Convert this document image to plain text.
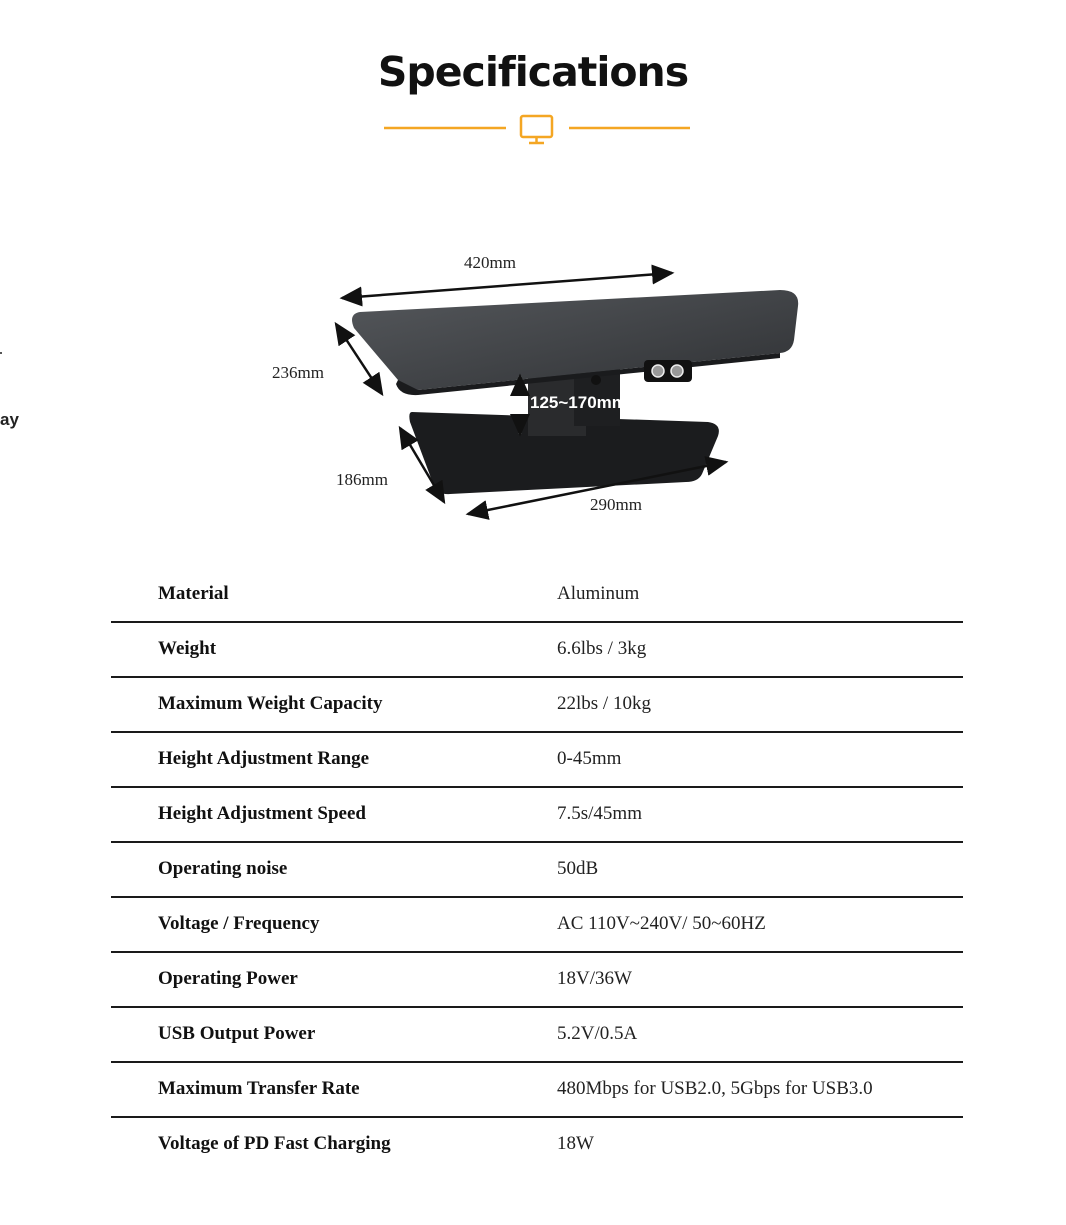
ay
Specifications
420mm
236mm
125~170mm
186mm
290mm
Material	Aluminum
Weight	6.6lbs / 3kg
Maximum Weight Capacity	22lbs / 10kg
Height Adjustment Range	0-45mm
Height Adjustment Speed	7.5s/45mm
Operating noise	50dB
Voltage / Frequency	AC 110V~240V/ 50~60HZ
Operating Power	18V/36W
USB Output Power	5.2V/0.5A
Maximum Transfer Rate	480Mbps for USB2.0, 5Gbps for USB3.0
Voltage of PD Fast Charging	18W
